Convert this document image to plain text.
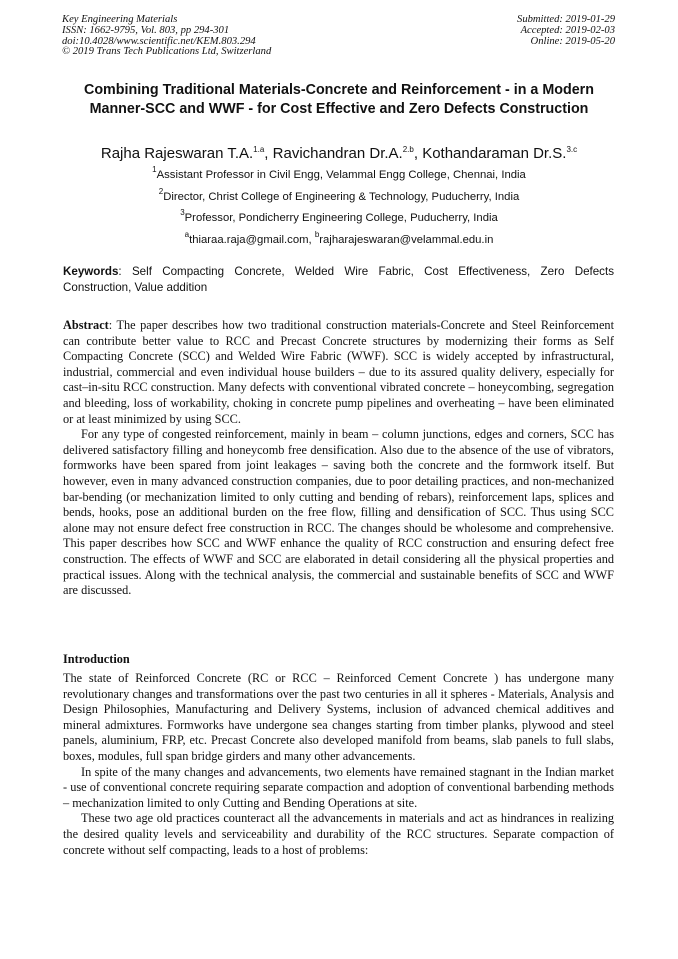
Key Engineering Materials
ISSN: 1662-9795, Vol. 803, pp 294-301
doi:10.4028/www.scientific.net/KEM.803.294
© 2019 Trans Tech Publications Ltd, Switzerland
Submitted: 2019-01-29
Accepted: 2019-02-03
Online: 2019-05-20
Combining Traditional Materials-Concrete and Reinforcement - in a Modern Manner-SCC and WWF - for Cost Effective and Zero Defects Construction
Rajha Rajeswaran T.A.$^{1.a}$, Ravichandran Dr.A.$^{2.b}$, Kothandaraman Dr.S.$^{3.c}$
$^1$Assistant Professor in Civil Engg, Velammal Engg College, Chennai, India
$^2$Director, Christ College of Engineering & Technology, Puducherry, India
$^3$Professor, Pondicherry Engineering College, Puducherry, India
$^a$thiaraa.raja@gmail.com, $^b$rajharajeswaran@velammal.edu.in
Keywords: Self Compacting Concrete, Welded Wire Fabric, Cost Effectiveness, Zero Defects Construction, Value addition

Abstract: The paper describes how two traditional construction materials-Concrete and Steel Reinforcement can contribute better value to RCC and Precast Concrete structures by modernizing their forms as Self Compacting Concrete (SCC) and Welded Wire Fabric (WWF). SCC is widely accepted by infrastructural, industrial, commercial and even individual house builders – due to its assured quality delivery, especially for cast–in-situ RCC construction. Many defects with conventional vibrated concrete – honeycombing, segregation and bleeding, loss of workability, choking in concrete pump pipelines and overheating – have been eliminated or at least minimized by using SCC.

For any type of congested reinforcement, mainly in beam – column junctions, edges and corners, SCC has delivered satisfactory filling and honeycomb free densification. Also due to the absence of the use of vibrators, formworks have been spared from joint leakages – saving both the concrete and the formwork itself. But however, even in many advanced construction companies, due to poor detailing practices, and non-mechanized bar-bending (or mechanization limited to only cutting and bending of rebars), reinforcement laps, splices and bends, hooks, pose an additional burden on the free flow, filling and densification of SCC. Thus using SCC alone may not ensure defect free construction in RCC. The changes should be wholesome and comprehensive. This paper describes how SCC and WWF enhance the quality of RCC construction and ensuring defect free construction. The effects of WWF and SCC are elaborated in detail considering all the physical properties and practical issues. Along with the technical analysis, the commercial and sustainable benefits of SCC and WWF are discussed.

Introduction

The state of Reinforced Concrete (RC or RCC – Reinforced Cement Concrete ) has undergone many revolutionary changes and transformations over the past two centuries in all it spheres - Materials, Analysis and Design Philosophies, Manufacturing and Delivery Systems, inclusion of advanced chemical additives and mineral admixtures. Formworks have undergone sea changes starting from timber planks, plywood and steel panels, aluminium, FRP, etc. Precast Concrete also developed manifold from beams, slab panels to full slabs, boxes, modules, full span bridge girders and many other advancements.

In spite of the many changes and advancements, two elements have remained stagnant in the Indian market - use of conventional concrete requiring separate compaction and adoption of conventional barbending methods – mechanization limited to only Cutting and Bending Operations at site.

These two age old practices counteract all the advancements in materials and act as hindrances in realizing the desired quality levels and serviceability and durability of the RCC structures. Separate compaction of concrete without self compacting, leads to a host of problems:
